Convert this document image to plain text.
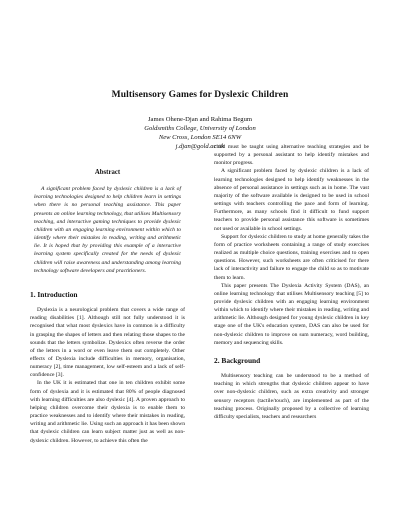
Multisensory Games for Dyslexic Children
James Ohene-Djan and Rahima Begum
Goldsmiths College, University of London
New Cross, London SE14 6NW
j.djan@gold.ac.uk
Abstract

A significant problem faced by dyslexic children is a lack of learning technologies designed to help children learn in settings when there is no personal teaching assistance. This paper presents an online learning technology, that utilises Multisensory teaching, and interactive gaming techniques to provide dyslexic children with an engaging learning environment within which to identify where their mistakes in reading, writing and arithmetic lie. It is hoped that by providing this example of a interactive learning system specifically created for the needs of dyslexic children will raise awareness and understanding among learning technology software developers and practitioners.

1. Introduction

Dyslexia is a neurological problem that covers a wide range of reading disabilities [1]. Although still not fully understood it is recognised that what most dyslexics have in common is a difficulty in grasping the shapes of letters and then relating those shapes to the sounds that the letters symbolize. Dyslexics often reverse the order of the letters in a word or even leave them out completely. Other effects of Dyslexia include difficulties in memory, organisation, numeracy [2], time management, low self-esteem and a lack of self-confidence [3].

In the UK it is estimated that one in ten children exhibit some form of dyslexia and it is estimated that 80% of people diagnosed with learning difficulties are also dyslexic [4]. A proven approach to helping children overcome their dyslexia is to enable them to practice weaknesses and to identify where their mistakes in reading, writing and arithmetic lie. Using such an approach it has been shown that dyslexic children can learn subject matter just as well as non-dyslexic children. However, to achieve this often the

child must be taught using alternative teaching strategies and be supported by a personal assistant to help identify mistakes and monitor progress.

A significant problem faced by dyslexic children is a lack of learning technologies designed to help identify weaknesses in the absence of personal assistance in settings such as in home. The vast majority of the software available is designed to be used in school settings with teachers controlling the pace and form of learning. Furthermore, as many schools find it difficult to fund support teachers to provide personal assistance this software is sometimes not used or available in school settings.

Support for dyslexic children to study at home generally takes the form of practice worksheets containing a range of study exercises realized as multiple choice questions, training exercises and to open questions. However, such worksheets are often criticised for there lack of interactivity and failure to engage the child so as to motivate them to learn.

This paper presents The Dyslexia Activity System (DAS), an online learning technology that utilises Multisensory teaching [5] to provide dyslexic children with an engaging learning environment within which to identify where their mistakes in reading, writing and arithmetic lie. Although designed for young dyslexic children in key stage one of the UK's education system, DAS can also be used for non-dyslexic children to improve on sum numeracy, word building, memory and sequencing skills.

2. Background

Multisensory teaching can be understood to be a method of teaching in which strengths that dyslexic children appear to have over non-dyslexic children, such as extra creativity and stronger sensory receptors (tactile/touch), are implemented as part of the teaching process. Originally proposed by a collective of learning difficulty specialists, teachers and researchers
